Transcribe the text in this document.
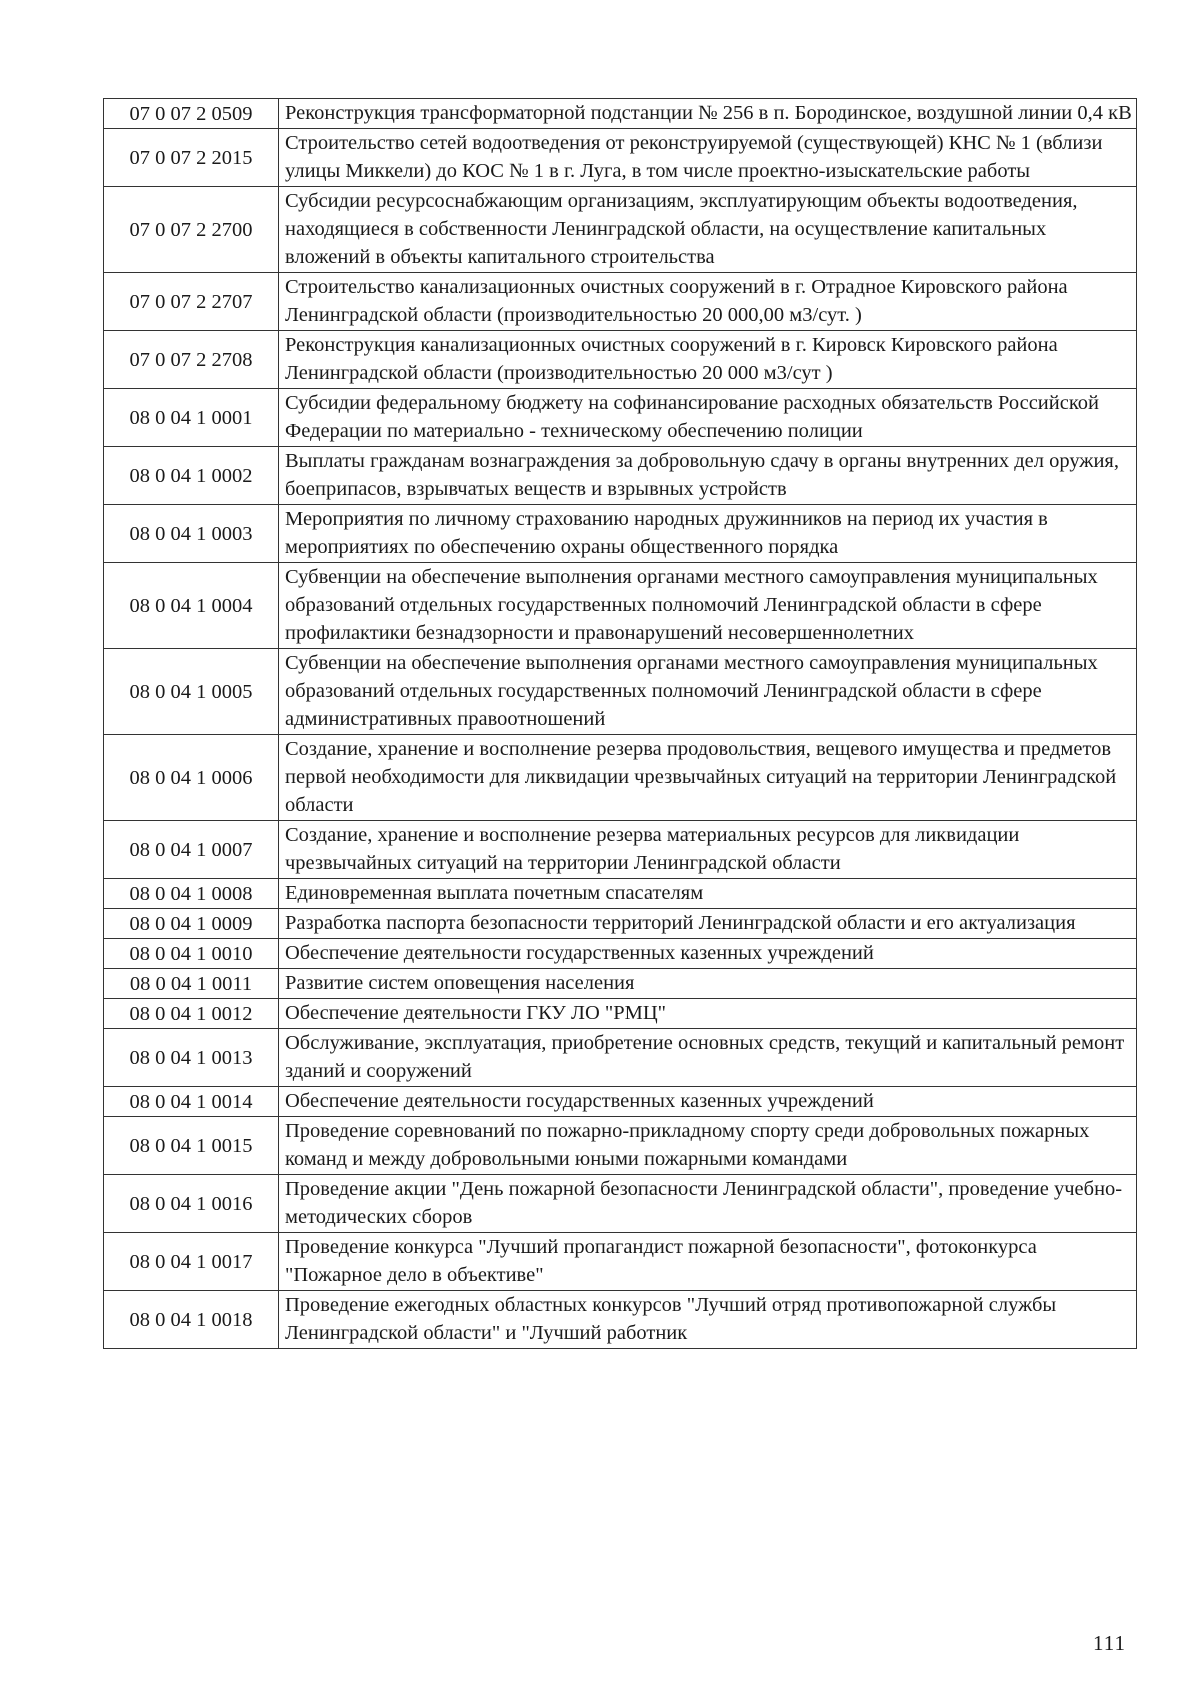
07 0 07 2 0509	Реконструкция трансформаторной подстанции № 256 в п. Бородинское, воздушной линии 0,4 кВ
07 0 07 2 2015	Строительство сетей водоотведения от реконструируемой (существующей) КНС № 1 (вблизи улицы Миккели) до КОС № 1 в г. Луга, в том числе проектно-изыскательские работы
07 0 07 2 2700	Субсидии ресурсоснабжающим организациям, эксплуатирующим объекты водоотведения, находящиеся в собственности Ленинградской области, на осуществление капитальных вложений в объекты капитального строительства
07 0 07 2 2707	Строительство канализационных очистных сооружений в г. Отрадное Кировского района Ленинградской области (производительностью 20 000,00 м3/сут. )
07 0 07 2 2708	Реконструкция канализационных очистных сооружений в г. Кировск Кировского района Ленинградской области (производительностью 20 000 м3/сут )
08 0 04 1 0001	Субсидии федеральному бюджету на софинансирование расходных обязательств Российской Федерации по материально - техническому обеспечению полиции
08 0 04 1 0002	Выплаты гражданам вознаграждения за добровольную сдачу в органы внутренних дел оружия, боеприпасов, взрывчатых веществ и взрывных устройств
08 0 04 1 0003	Мероприятия по личному страхованию народных дружинников на период их участия в мероприятиях по обеспечению охраны общественного порядка
08 0 04 1 0004	Субвенции на обеспечение выполнения органами местного самоуправления муниципальных образований отдельных государственных полномочий Ленинградской области в сфере профилактики безнадзорности и правонарушений несовершеннолетних
08 0 04 1 0005	Субвенции на обеспечение выполнения органами местного самоуправления муниципальных образований отдельных государственных полномочий Ленинградской области в сфере административных правоотношений
08 0 04 1 0006	Создание, хранение и восполнение резерва продовольствия, вещевого имущества и предметов первой необходимости для ликвидации чрезвычайных ситуаций на территории Ленинградской области
08 0 04 1 0007	Создание, хранение и восполнение резерва материальных ресурсов для ликвидации чрезвычайных ситуаций на территории Ленинградской области
08 0 04 1 0008	Единовременная выплата почетным спасателям
08 0 04 1 0009	Разработка паспорта безопасности территорий Ленинградской области и его актуализация
08 0 04 1 0010	Обеспечение деятельности государственных казенных учреждений
08 0 04 1 0011	Развитие систем оповещения населения
08 0 04 1 0012	Обеспечение деятельности ГКУ ЛО "РМЦ"
08 0 04 1 0013	Обслуживание, эксплуатация, приобретение основных средств, текущий и капитальный ремонт зданий и сооружений
08 0 04 1 0014	Обеспечение деятельности государственных казенных учреждений
08 0 04 1 0015	Проведение соревнований по пожарно-прикладному спорту среди добровольных пожарных команд и между добровольными юными пожарными командами
08 0 04 1 0016	Проведение акции "День пожарной безопасности Ленинградской области", проведение учебно-методических сборов
08 0 04 1 0017	Проведение конкурса "Лучший пропагандист пожарной безопасности", фотоконкурса "Пожарное дело в объективе"
08 0 04 1 0018	Проведение ежегодных областных конкурсов "Лучший отряд противопожарной службы Ленинградской области" и "Лучший работник
111
